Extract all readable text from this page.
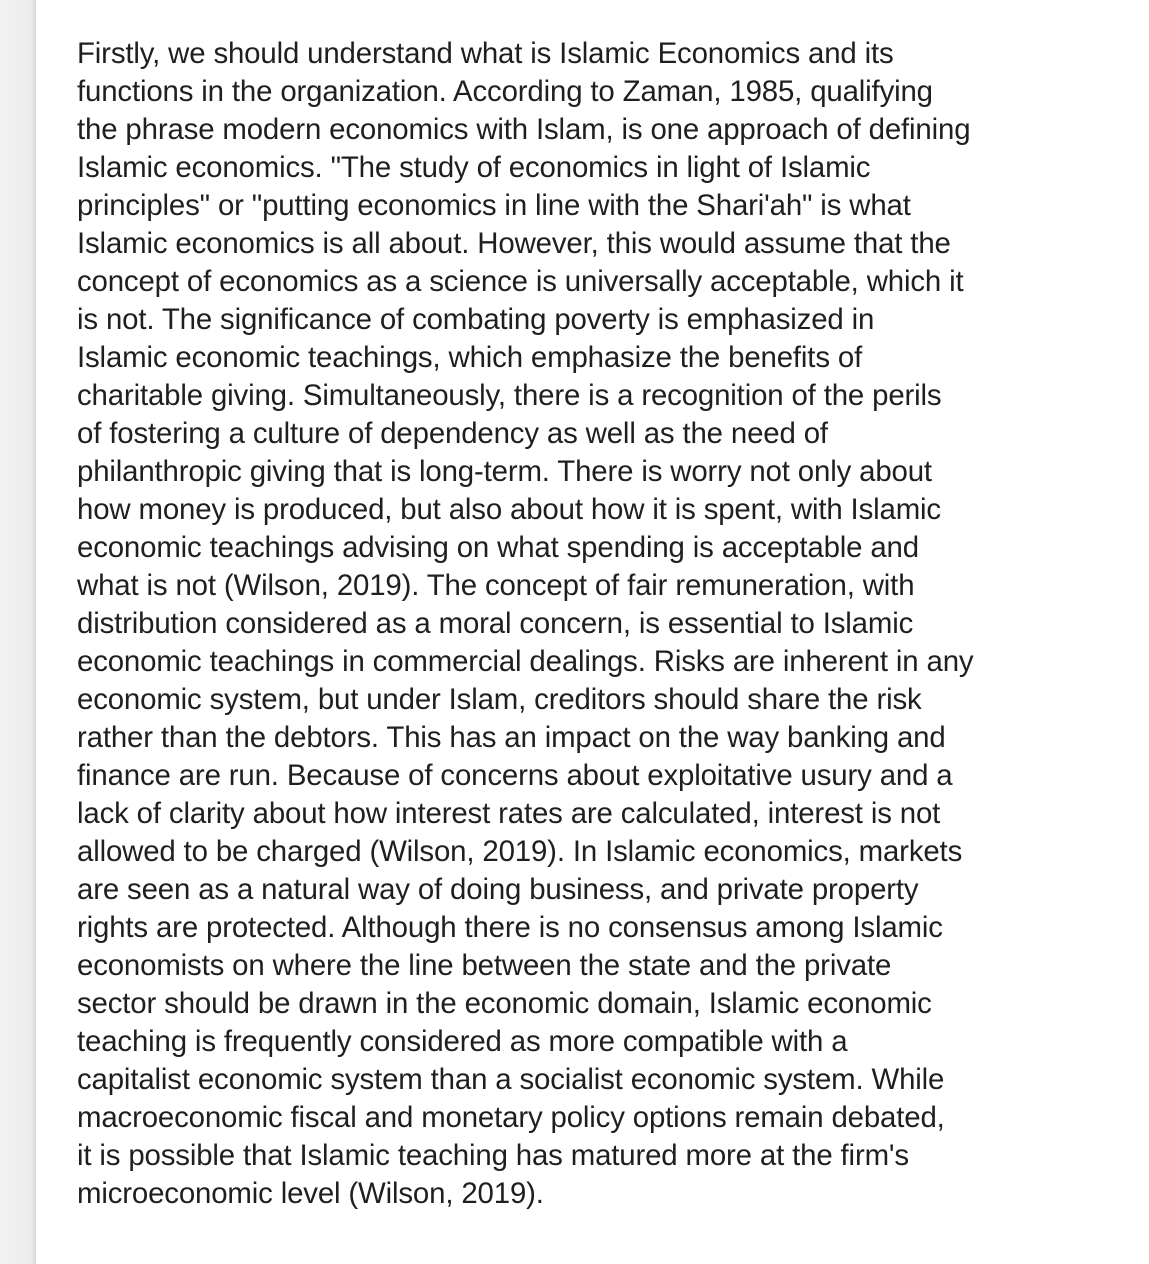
Firstly, we should understand what is Islamic Economics and its
functions in the organization. According to Zaman, 1985, qualifying
the phrase modern economics with Islam, is one approach of defining
Islamic economics. "The study of economics in light of Islamic
principles" or "putting economics in line with the Shari'ah" is what
Islamic economics is all about. However, this would assume that the
concept of economics as a science is universally acceptable, which it
is not. The significance of combating poverty is emphasized in
Islamic economic teachings, which emphasize the benefits of
charitable giving. Simultaneously, there is a recognition of the perils
of fostering a culture of dependency as well as the need of
philanthropic giving that is long-term. There is worry not only about
how money is produced, but also about how it is spent, with Islamic
economic teachings advising on what spending is acceptable and
what is not (Wilson, 2019). The concept of fair remuneration, with
distribution considered as a moral concern, is essential to Islamic
economic teachings in commercial dealings. Risks are inherent in any
economic system, but under Islam, creditors should share the risk
rather than the debtors. This has an impact on the way banking and
finance are run. Because of concerns about exploitative usury and a
lack of clarity about how interest rates are calculated, interest is not
allowed to be charged (Wilson, 2019). In Islamic economics, markets
are seen as a natural way of doing business, and private property
rights are protected. Although there is no consensus among Islamic
economists on where the line between the state and the private
sector should be drawn in the economic domain, Islamic economic
teaching is frequently considered as more compatible with a
capitalist economic system than a socialist economic system. While
macroeconomic fiscal and monetary policy options remain debated,
it is possible that Islamic teaching has matured more at the firm's
microeconomic level (Wilson, 2019).
